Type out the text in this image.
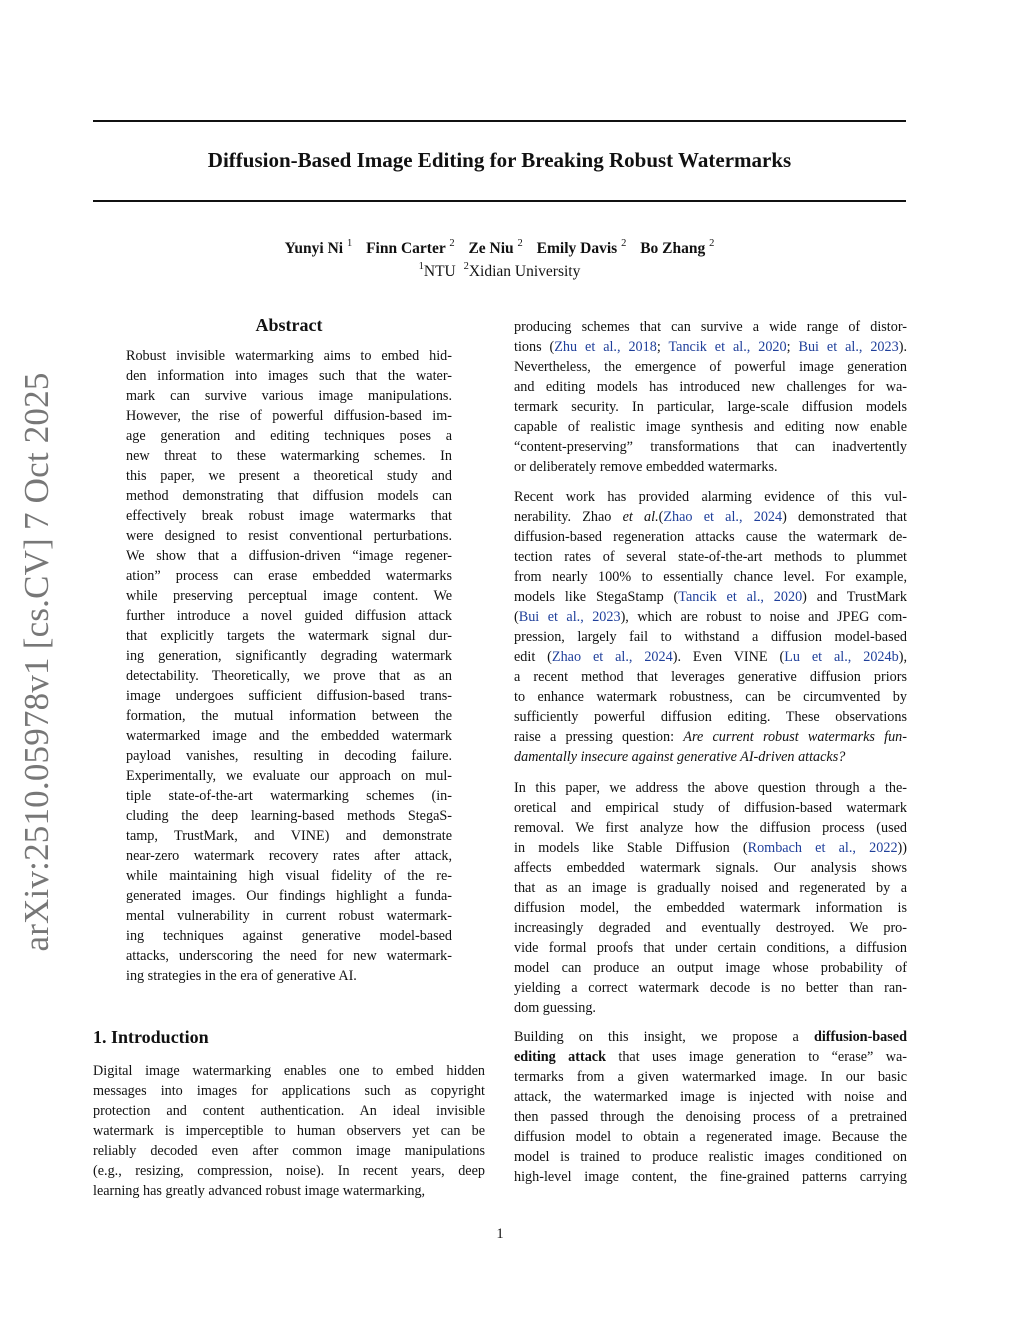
Diffusion-Based Image Editing for Breaking Robust Watermarks
Yunyi Ni $^1$ Finn Carter $^2$ Ze Niu $^2$ Emily Davis $^2$ Bo Zhang $^2$
$^1$NTU $^2$Xidian University
arXiv:2510.05978v1[cs.CV]7 Oct 2025
Abstract
Robust invisible watermarking aims to embed hid-
den information into images such that the water-
mark can survive various image manipulations.
However, the rise of powerful diffusion-based im-
age generation and editing techniques poses a
new threat to these watermarking schemes. In
this paper, we present a theoretical study and
method demonstrating that diffusion models can
effectively break robust image watermarks that
were designed to resist conventional perturbations.
We show that a diffusion-driven “image regener-
ation” process can erase embedded watermarks
while preserving perceptual image content. We
further introduce a novel guided diffusion attack
that explicitly targets the watermark signal dur-
ing generation, significantly degrading watermark
detectability. Theoretically, we prove that as an
image undergoes sufficient diffusion-based trans-
formation, the mutual information between the
watermarked image and the embedded watermark
payload vanishes, resulting in decoding failure.
Experimentally, we evaluate our approach on mul-
tiple state-of-the-art watermarking schemes (in-
cluding the deep learning-based methods StegaS-
tamp, TrustMark, and VINE) and demonstrate
near-zero watermark recovery rates after attack,
while maintaining high visual fidelity of the re-
generated images. Our findings highlight a funda-
mental vulnerability in current robust watermark-
ing techniques against generative model-based
attacks, underscoring the need for new watermark-
ing strategies in the era of generative AI.
1. Introduction
Digital image watermarking enables one to embed hidden
messages into images for applications such as copyright
protection and content authentication. An ideal invisible
watermark is imperceptible to human observers yet can be
reliably decoded even after common image manipulations
(e.g., resizing, compression, noise). In recent years, deep
learning has greatly advanced robust image watermarking,
producing schemes that can survive a wide range of distor-
tions (Zhu et al., 2018; Tancik et al., 2020; Bui et al., 2023).
Nevertheless, the emergence of powerful image generation
and editing models has introduced new challenges for wa-
termark security. In particular, large-scale diffusion models
capable of realistic image synthesis and editing now enable
“content-preserving” transformations that can inadvertently
or deliberately remove embedded watermarks.
Recent work has provided alarming evidence of this vul-
nerability. Zhao et al.(Zhao et al., 2024) demonstrated that
diffusion-based regeneration attacks cause the watermark de-
tection rates of several state-of-the-art methods to plummet
from nearly 100% to essentially chance level. For example,
models like StegaStamp (Tancik et al., 2020) and TrustMark
(Bui et al., 2023), which are robust to noise and JPEG com-
pression, largely fail to withstand a diffusion model-based
edit (Zhao et al., 2024). Even VINE (Lu et al., 2024b),
a recent method that leverages generative diffusion priors
to enhance watermark robustness, can be circumvented by
sufficiently powerful diffusion editing. These observations
raise a pressing question: Are current robust watermarks fun-
damentally insecure against generative AI-driven attacks?
In this paper, we address the above question through a the-
oretical and empirical study of diffusion-based watermark
removal. We first analyze how the diffusion process (used
in models like Stable Diffusion (Rombach et al., 2022))
affects embedded watermark signals. Our analysis shows
that as an image is gradually noised and regenerated by a
diffusion model, the embedded watermark information is
increasingly degraded and eventually destroyed. We pro-
vide formal proofs that under certain conditions, a diffusion
model can produce an output image whose probability of
yielding a correct watermark decode is no better than ran-
dom guessing.
Building on this insight, we propose a diffusion-based
editing attack that uses image generation to “erase” wa-
termarks from a given watermarked image. In our basic
attack, the watermarked image is injected with noise and
then passed through the denoising process of a pretrained
diffusion model to obtain a regenerated image. Because the
model is trained to produce realistic images conditioned on
high-level image content, the fine-grained patterns carrying
1
